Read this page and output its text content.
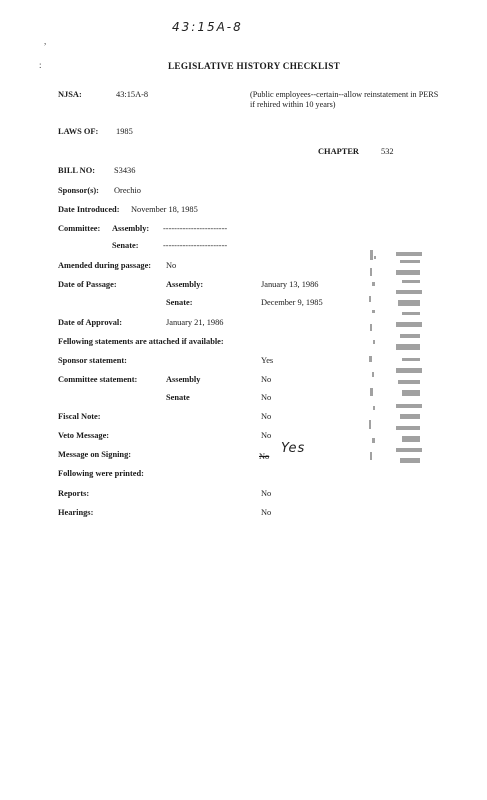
43:15A-8
,
:	LEGISLATIVE HISTORY CHECKLIST
NJSA:	43:15A-8	(Public employees--certain--allow reinstatement in PERS if rehired within 10 years)
LAWS OF: 1985
CHAPTER	532
BILL NO: S3436
Sponsor(s): Orechio
Date Introduced: November 18, 1985
Committee: Assembly: -----------------------
Senate:	-----------------------
Amended during passage: No
Date of Passage:	Assembly:	January 13, 1986
Senate:	December 9, 1985
Date of Approval:	January 21, 1986
Fellowing statements are attached if available:
Sponsor statement:	Yes
Committee statement:	Assembly	No
Senate	No
Fiscal Note:	No
Veto Message:	No
Message on Signing:	No
Yes
Following were printed:
Reports:	No
Hearings:	No
